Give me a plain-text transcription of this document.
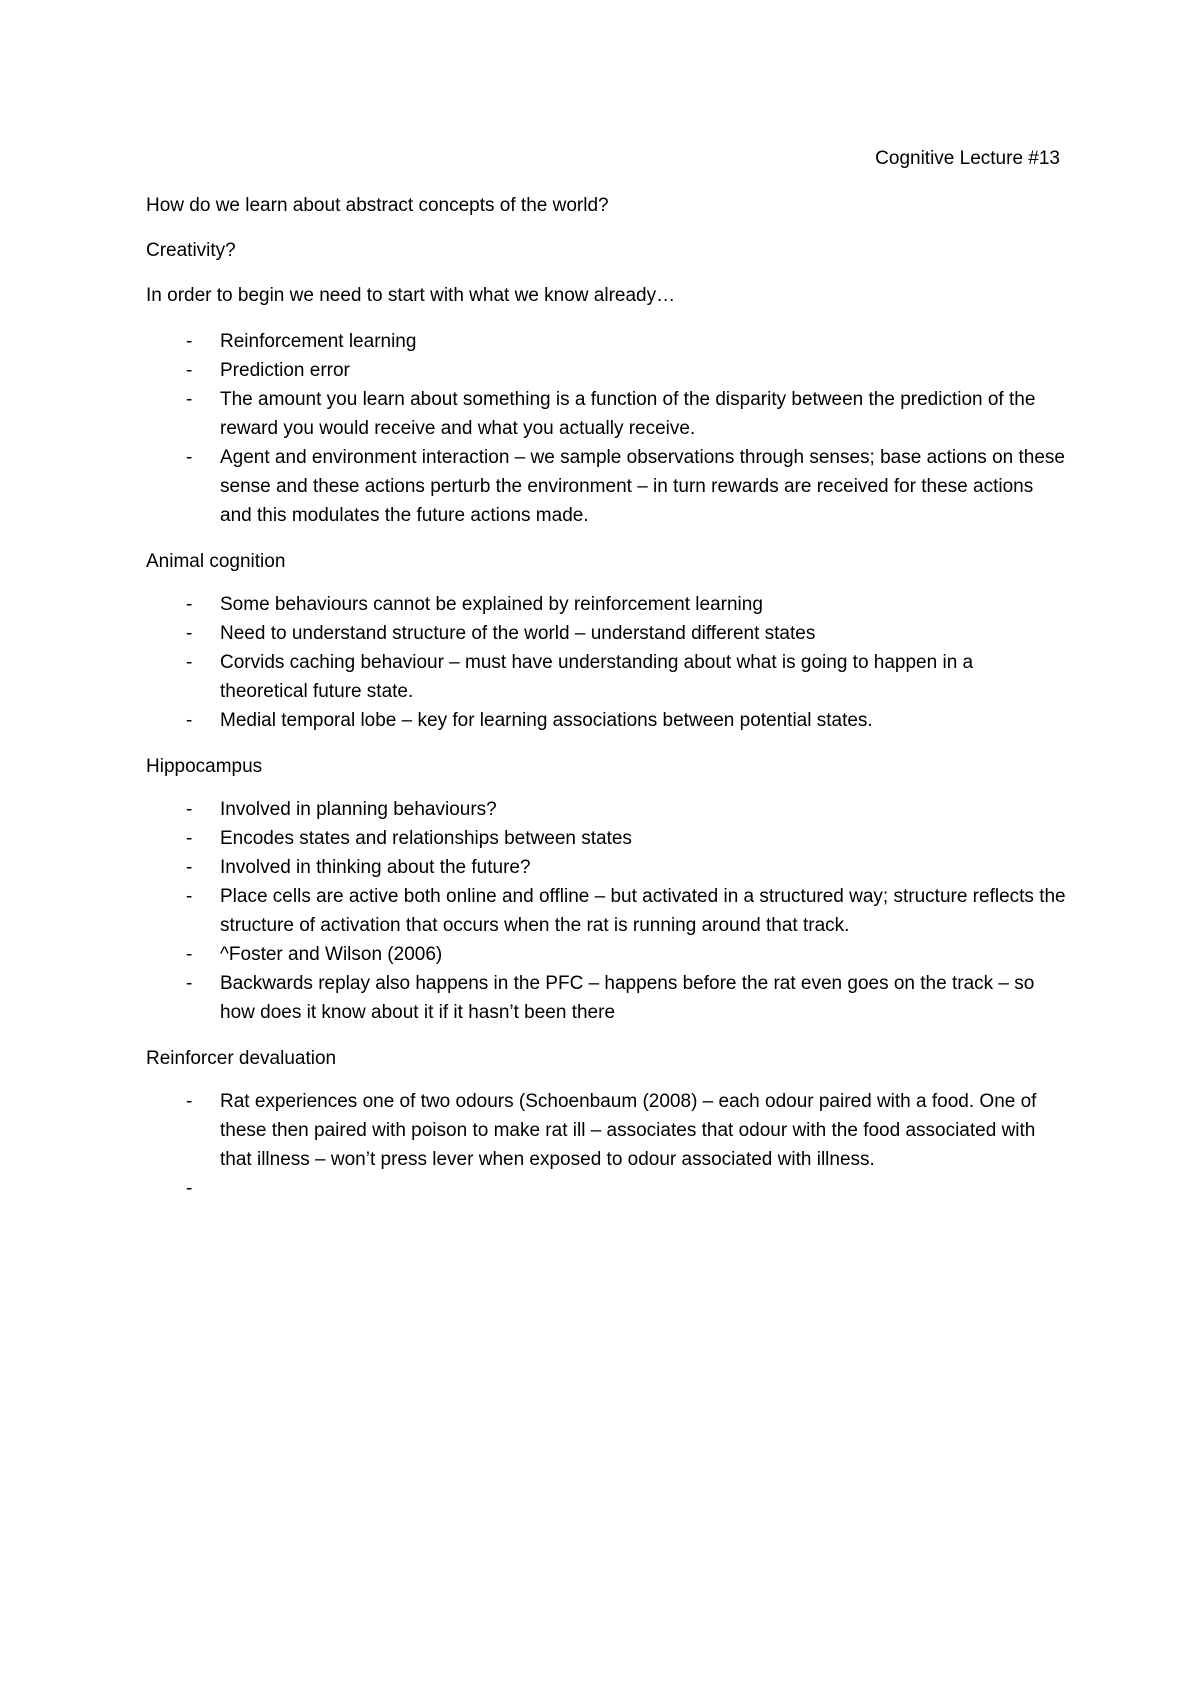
Cognitive Lecture #13

How do we learn about abstract concepts of the world?

Creativity?

In order to begin we need to start with what we know already…

-	Reinforcement learning
-	Prediction error
-	The amount you learn about something is a function of the disparity between the prediction of the reward you would receive and what you actually receive.
-	Agent and environment interaction – we sample observations through senses; base actions on these sense and these actions perturb the environment – in turn rewards are received for these actions and this modulates the future actions made.

Animal cognition

-	Some behaviours cannot be explained by reinforcement learning
-	Need to understand structure of the world – understand different states
-	Corvids caching behaviour – must have understanding about what is going to happen in a theoretical future state.
-	Medial temporal lobe – key for learning associations between potential states.

Hippocampus

-	Involved in planning behaviours?
-	Encodes states and relationships between states
-	Involved in thinking about the future?
-	Place cells are active both online and offline – but activated in a structured way; structure reflects the structure of activation that occurs when the rat is running around that track.
-	^Foster and Wilson (2006)
-	Backwards replay also happens in the PFC – happens before the rat even goes on the track – so how does it know about it if it hasn’t been there

Reinforcer devaluation

-	Rat experiences one of two odours (Schoenbaum (2008) – each odour paired with a food. One of these then paired with poison to make rat ill – associates that odour with the food associated with that illness – won’t press lever when exposed to odour associated with illness.
-
